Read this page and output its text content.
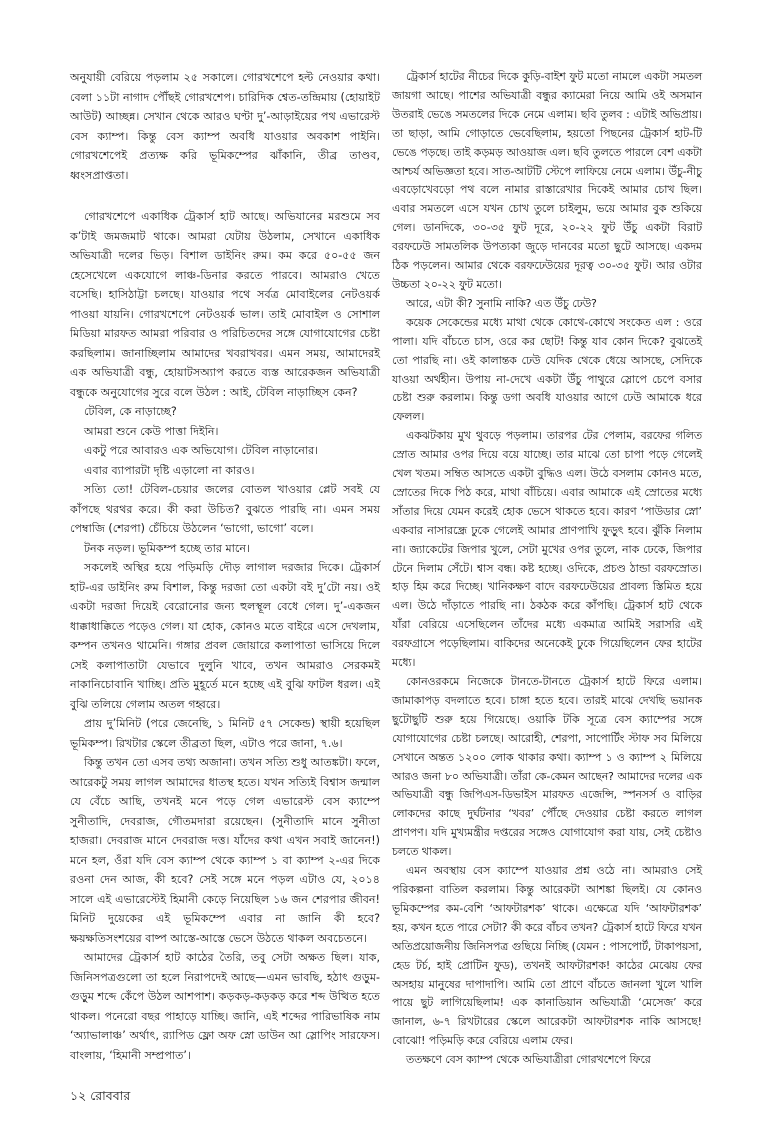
অনুযায়ী বেরিয়ে পড়লাম ২৫ সকালে। গোরখশেপে হল্ট নেওয়ার কথা। বেলা ১১টা নাগাদ পৌঁছই গোরখশেপ। চারিদিক শ্বেত-তন্দ্রিমায় (হোয়াইট আউট) আচ্ছন্ন। সেখান থেকে আরও ঘণ্টা দু’-আড়াইয়ের পথ এভারেস্ট বেস ক্যাম্প। কিন্তু বেস ক্যাম্প অবধি যাওয়ার অবকাশ পাইনি। গোরখশেপেই প্রত্যক্ষ করি ভূমিকম্পের ঝাঁকানি, তীব্র তাণ্ডব, ধ্বংসপ্রাপ্ততা।

গোরখশেপে একাধিক ট্রেকার্স হাট আছে। অভিযানের মরশুমে সব ক’টাই জমজমাট থাকে। আমরা যেটায় উঠলাম, সেখানে একাধিক অভিযাত্রী দলের ভিড়। বিশাল ডাইনিং রুম। কম করে ৫০-৫৫ জন হেসেখেলে একযোগে লাঞ্চ-ডিনার করতে পারবে। আমরাও খেতে বসেছি। হাসিঠাট্টা চলছে। যাওয়ার পথে সর্বত্র মোবাইলের নেটওয়র্ক পাওয়া যায়নি। গোরখশেপে নেটওয়র্ক ভাল। তাই মোবাইল ও সোশাল মিডিয়া মারফত আমরা পরিবার ও পরিচিতদের সঙ্গে যোগাযোগের চেষ্টা করছিলাম। জানাচ্ছিলাম আমাদের খবরাখবর। এমন সময়, আমাদেরই এক অভিযাত্রী বন্ধু, হোয়াটসঅ্যাপ করতে ব্যস্ত আরেকজন অভিযাত্রী বন্ধুকে অনুযোগের সুরে বলে উঠল : আই, টেবিল নাড়াচ্ছিস কেন?

টেবিল, কে নাড়াচ্ছে?

আমরা শুনে কেউ পাত্তা দিইনি।

একটু পরে আবারও এক অভিযোগ। টেবিল নাড়ানোর।

এবার ব্যাপারটা দৃষ্টি এড়ালো না কারও।

সত্যি তো! টেবিল-চেয়ার জলের বোতল খাওয়ার প্লেট সবই যে কাঁপছে থরথর করে। কী করা উচিত? বুঝতে পারছি না। এমন সময় পেম্বাজি (শেরপা) চেঁচিয়ে উঠলেন ‘ভাগো, ভাগো’ বলে।

টনক নড়ল। ভূমিকম্প হচ্ছে তার মানে।

সকলেই অস্থির হয়ে পড়িমড়ি দৌড় লাগাল দরজার দিকে। ট্রেকার্স হাট-এর ডাইনিং রুম বিশাল, কিন্তু দরজা তো একটা বই দু’টো নয়। ওই একটা দরজা দিয়েই বেরোনোর জন্য হুলস্থূল বেধে গেল। দু’-একজন ধাক্কাধাক্কিতে পড়েও গেল। যা হোক, কোনও মতে বাইরে এসে দেখলাম, কম্পন তখনও থামেনি। গঙ্গার প্রবল জোয়ারে কলাপাতা ভাসিয়ে দিলে সেই কলাপাতাটা যেভাবে দুলুনি খাবে, তখন আমরাও সেরকমই নাকানিচোবানি খাচ্ছি। প্রতি মুহূর্তে মনে হচ্ছে এই বুঝি ফাটল ধরল। এই বুঝি তলিয়ে গেলাম অতল গহ্বরে।

প্রায় দু’মিনিট (পরে জেনেছি, ১ মিনিট ৫৭ সেকেন্ড) স্থায়ী হয়েছিল ভূমিকম্প। রিখটার স্কেলে তীব্রতা ছিল, এটাও পরে জানা, ৭.৬।

কিন্তু তখন তো এসব তথ্য অজানা। তখন সত্যি শুধু আতঙ্কটা। ফলে, আরেকটু সময় লাগল আমাদের ধাতস্থ হতে। যখন সত্যিই বিশ্বাস জন্মাল যে বেঁচে আছি, তখনই মনে পড়ে গেল এভারেস্ট বেস ক্যাম্পে সুনীতাদি, দেবরাজ, গৌতমদারা রয়েছেন। (সুনীতাদি মানে সুনীতা হাজরা। দেবরাজ মানে দেবরাজ দত্ত। যাঁদের কথা এখন সবাই জানেন!) মনে হল, ওঁরা যদি বেস ক্যাম্প থেকে ক্যাম্প ১ বা ক্যাম্প ২-এর দিকে রওনা দেন আজ, কী হবে? সেই সঙ্গে মনে পড়ল এটাও যে, ২০১৪ সালে এই এভারেস্টেই হিমানী কেড়ে নিয়েছিল ১৬ জন শেরপার জীবন! মিনিট দুয়েকের এই ভূমিকম্পে এবার না জানি কী হবে? ক্ষয়ক্ষতিসংশয়ের বাষ্প আস্তে-আস্তে ভেসে উঠতে থাকল অবচেতনে।

আমাদের ট্রেকার্স হাট কাঠের তৈরি, তবু সেটা অক্ষত ছিল। যাক, জিনিসপত্রগুলো তা হলে নিরাপদেই আছে—এমন ভাবছি, হঠাৎ গুড়ুম-গুড়ুম শব্দে কেঁপে উঠল আশপাশ। কড়কড়-কড়কড় করে শব্দ উত্থিত হতে থাকল। পনেরো বছর পাহাড়ে যাচ্ছি। জানি, এই শব্দের পারিভাষিক নাম ‘অ্যাভালাঞ্চ’ অর্থাৎ, র‍্যাপিড ফ্লো অফ স্নো ডাউন আ স্লোপিং সারফেস। বাংলায়, ‘হিমানী সম্প্রপাত’।

ট্রেকার্স হাটের নীচের দিকে কুড়ি-বাইশ ফুট মতো নামলে একটা সমতল জায়গা আছে। পাশের অভিযাত্রী বন্ধুর ক্যামেরা নিয়ে আমি ওই অসমান উতরাই ভেঙে সমতলের দিকে নেমে এলাম। ছবি তুলব : এটাই অভিপ্রায়। তা ছাড়া, আমি গোড়াতে ভেবেছিলাম, হয়তো পিছনের ট্রেকার্স হাট-টি ভেঙে পড়ছে। তাই কড়মড় আওয়াজ এল। ছবি তুলতে পারলে বেশ একটা আশ্চর্য অভিজ্ঞতা হবে। সাত-আটটি স্টেপে লাফিয়ে নেমে এলাম। উঁচু-নীচু এবড়োখেবড়ো পথ বলে নামার রাস্তারেখার দিকেই আমার চোখ ছিল। এবার সমতলে এসে যখন চোখ তুলে চাইলুম, ভয়ে আমার বুক শুকিয়ে গেল। ডানদিকে, ৩০-৩৫ ফুট দূরে, ২০-২২ ফুট উঁচু একটা বিরাট বরফঢেউ সামতলিক উপত্যকা জুড়ে দানবের মতো ছুটে আসছে। একদম ঠিক পড়লেন। আমার থেকে বরফঢেউয়ের দূরত্ব ৩০-৩৫ ফুট। আর ওটার উচ্চতা ২০-২২ ফুট মতো।

আরে, এটা কী? সুনামি নাকি? এত উঁচু ঢেউ?

কয়েক সেকেন্ডের মধ্যে মাথা থেকে কোথে-কোথে সংকেত এল : ওরে পালা। যদি বাঁচতে চাস, ওরে কর ছোট! কিন্তু যাব কোন দিকে? বুঝতেই তো পারছি না। ওই কালান্তক ঢেউ যেদিক থেকে ধেয়ে আসছে, সেদিকে যাওয়া অর্থহীন। উপায় না-দেখে একটা উঁচু পাথুরে স্লোপে চেপে বসার চেষ্টা শুরু করলাম। কিন্তু ডগা অবধি যাওয়ার আগে ঢেউ আমাকে ধরে ফেলল।

একঝটকায় মুখ থুবড়ে পড়লাম। তারপর টের পেলাম, বরফের গলিত স্রোত আমার ওপর দিয়ে বয়ে যাচ্ছে। তার মাঝে তো চাপা পড়ে গেলেই খেল খতম। সম্বিত আসতে একটা বুদ্ধিও এল। উঠে বসলাম কোনও মতে, স্রোতের দিকে পিঠ করে, মাথা বাঁচিয়ে। এবার আমাকে এই স্রোতের মধ্যে সাঁতার দিয়ে যেমন করেই হোক ভেসে থাকতে হবে। কারণ ‘পাউডার স্নো’ একবার নাসারন্ধ্রে ঢুকে গেলেই আমার প্রাণপাখি ফুড়ুৎ হবে। ঝুঁকি নিলাম না। জ্যাকেটের জিপার খুলে, সেটা মুখের ওপর তুলে, নাক ঢেকে, জিপার টেনে দিলাম সেঁটে। শ্বাস বন্ধ। কষ্ট হচ্ছে। ওদিকে, প্রচণ্ড ঠান্ডা বরফস্রোত। হাড় হিম করে দিচ্ছে। খানিকক্ষণ বাদে বরফঢেউয়ের প্রাবল্য স্তিমিত হয়ে এল। উঠে দাঁড়াতে পারছি না। ঠকঠক করে কাঁপছি। ট্রেকার্স হাট থেকে যাঁরা বেরিয়ে এসেছিলেন তাঁদের মধ্যে একমাত্র আমিই সরাসরি এই বরফগ্রাসে পড়েছিলাম। বাকিদের অনেকেই ঢুকে গিয়েছিলেন ফের হাটের মধ্যে।

কোনওরকমে নিজেকে টানতে-টানতে ট্রেকার্স হাটে ফিরে এলাম। জামাকাপড় বদলাতে হবে। চাঙ্গা হতে হবে। তারই মাঝে দেখছি ভয়ানক ছুটোছুটি শুরু হয়ে গিয়েছে। ওয়াকি টকি সূত্রে বেস ক্যাম্পের সঙ্গে যোগাযোগের চেষ্টা চলছে। আরোহী, শেরপা, সাপোর্টিং স্টাফ সব মিলিয়ে সেখানে অন্তত ১২০০ লোক থাকার কথা। ক্যাম্প ১ ও ক্যাম্প ২ মিলিয়ে আরও জনা ৮০ অভিযাত্রী। তাঁরা কে-কেমন আছেন? আমাদের দলের এক অভিযাত্রী বন্ধু জিপিএস-ডিভাইস মারফত এজেন্সি, স্পনসর্স ও বাড়ির লোকদের কাছে দুর্ঘটনার ‘খবর’ পৌঁছে দেওয়ার চেষ্টা করতে লাগল প্রাণপণ। যদি মুখ্যমন্ত্রীর দপ্তরের সঙ্গেও যোগাযোগ করা যায়, সেই চেষ্টাও চলতে থাকল।

এমন অবস্থায় বেস ক্যাম্পে যাওয়ার প্রশ্ন ওঠে না। আমরাও সেই পরিকল্পনা বাতিল করলাম। কিন্তু আরেকটা আশঙ্কা ছিলই। যে কোনও ভূমিকম্পের কম-বেশি ‘আফটারশক’ থাকে। এক্ষেত্রে যদি ‘আফটারশক’ হয়, কখন হতে পারে সেটা? কী করে বাঁচব তখন? ট্রেকার্স হাটে ফিরে যখন অতিপ্রয়োজনীয় জিনিসপত্র গুছিয়ে নিচ্ছি (যেমন : পাসপোর্ট, টাকাপয়সা, হেড টর্চ, হাই প্রোটিন ফুড), তখনই আফটারশক! কাঠের মেঝেয় ফের অসহায় মানুষের দাপাদাপি। আমি তো প্রাণে বাঁচতে জানলা খুলে খালি পায়ে ছুট লাগিয়েছিলাম! এক কানাডিয়ান অভিযাত্রী ‘মেসেজ’ করে জানাল, ৬-৭ রিখটারের স্কেলে আরেকটা আফটারশক নাকি আসছে! বোঝো! পড়িমড়ি করে বেরিয়ে এলাম ফের।

ততক্ষণে বেস ক্যাম্প থেকে অভিযাত্রীরা গোরখশেপে ফিরে

১২ রোববার
